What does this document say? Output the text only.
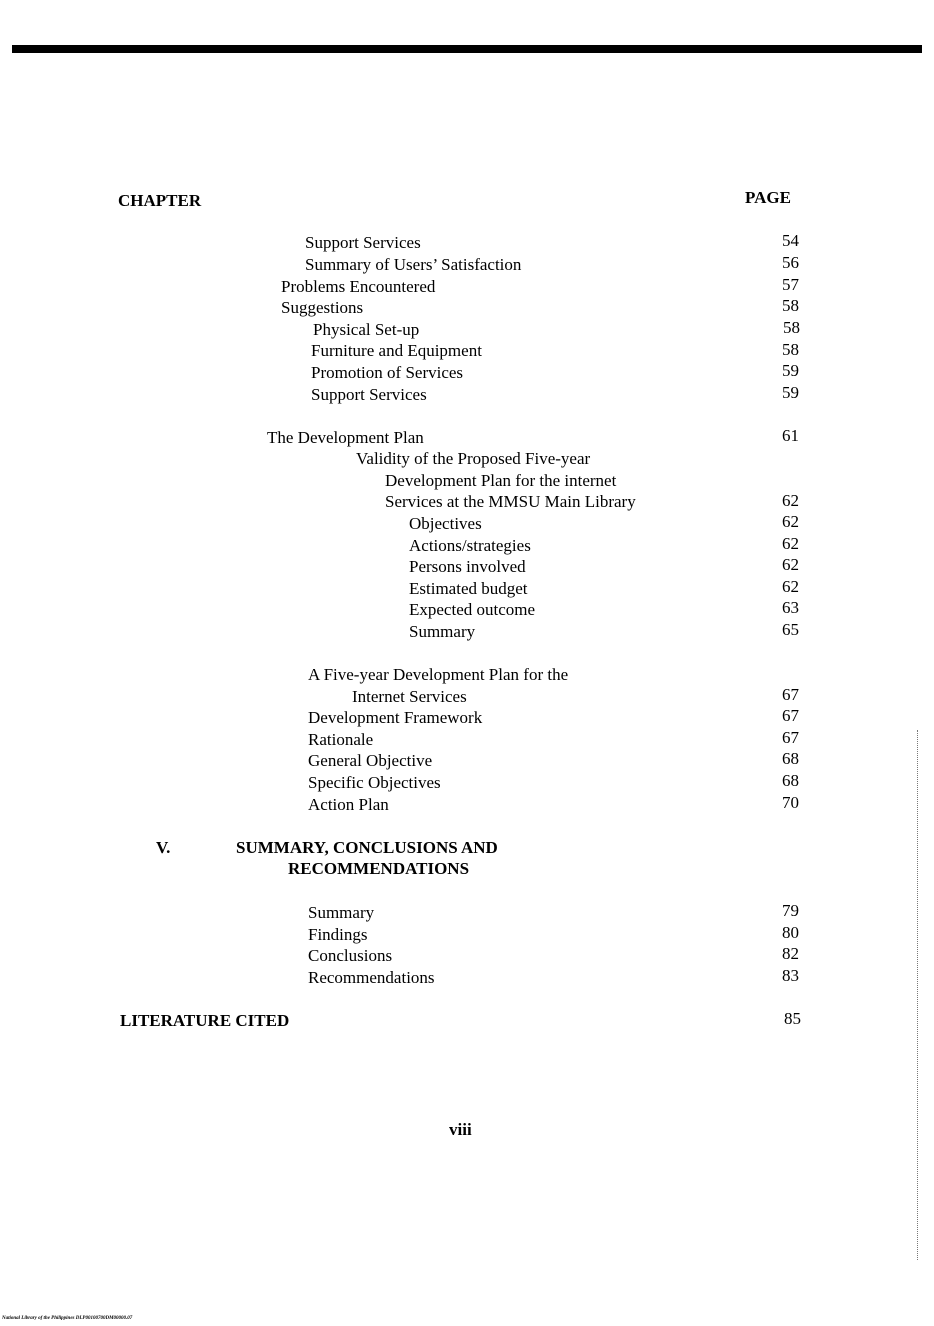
CHAPTER	PAGE
Support Services	54
Summary of Users’ Satisfaction	56
Problems Encountered	57
Suggestions	58
Physical Set-up	58
Furniture and Equipment	58
Promotion of Services	59
Support Services	59
The Development Plan	61
Validity of the Proposed Five-year
Development Plan for the internet
Services at the MMSU Main Library	62
Objectives	62
Actions/strategies	62
Persons involved	62
Estimated budget	62
Expected outcome	63
Summary	65
A Five-year Development Plan for the
Internet Services	67
Development Framework	67
Rationale	67
General Objective	68
Specific Objectives	68
Action Plan	70
V.	SUMMARY, CONCLUSIONS AND
RECOMMENDATIONS
Summary	79
Findings	80
Conclusions	82
Recommendations	83
LITERATURE CITED	85
viii
National Library of the Philippines DLP00100700DM00000.07
